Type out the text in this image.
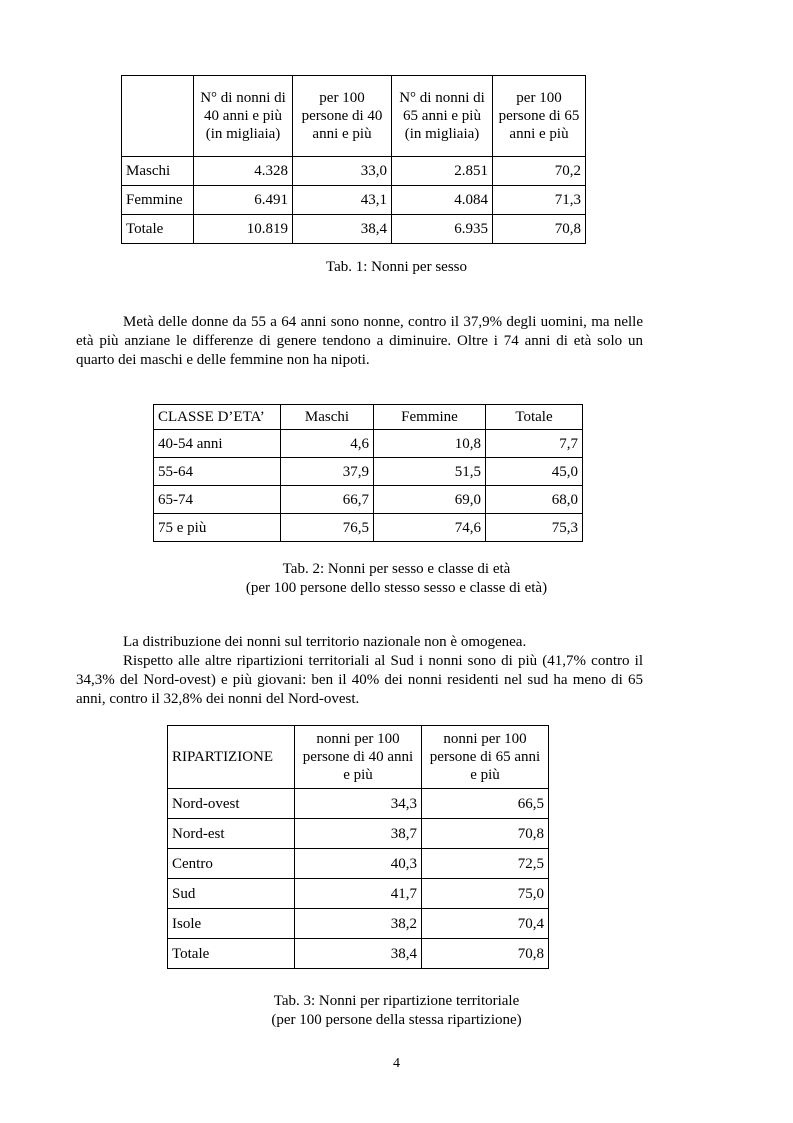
	N° di nonni di 40 anni e più (in migliaia)	per 100 persone di 40 anni e più	N° di nonni di 65 anni e più (in migliaia)	per 100 persone di 65 anni e più
Maschi	4.328	33,0	2.851	70,2
Femmine	6.491	43,1	4.084	71,3
Totale	10.819	38,4	6.935	70,8
Tab. 1: Nonni per sesso

Metà delle donne da 55 a 64 anni sono nonne, contro il 37,9% degli uomini, ma nelle età più anziane le differenze di genere tendono a diminuire. Oltre i 74 anni di età solo un quarto dei maschi e delle femmine non ha nipoti.

CLASSE D’ETA’	Maschi	Femmine	Totale
40-54 anni	4,6	10,8	7,7
55-64	37,9	51,5	45,0
65-74	66,7	69,0	68,0
75 e più	76,5	74,6	75,3
Tab. 2: Nonni per sesso e classe di età
(per 100 persone dello stesso sesso e classe di età)

La distribuzione dei nonni sul territorio nazionale non è omogenea.

Rispetto alle altre ripartizioni territoriali al Sud i nonni sono di più (41,7% contro il 34,3% del Nord-ovest) e più giovani: ben il 40% dei nonni residenti nel sud ha meno di 65 anni, contro il 32,8% dei nonni del Nord-ovest.

RIPARTIZIONE	nonni per 100 persone di 40 anni e più	nonni per 100 persone di 65 anni e più
Nord-ovest	34,3	66,5
Nord-est	38,7	70,8
Centro	40,3	72,5
Sud	41,7	75,0
Isole	38,2	70,4
Totale	38,4	70,8
Tab. 3: Nonni per ripartizione territoriale
(per 100 persone della stessa ripartizione)
4
